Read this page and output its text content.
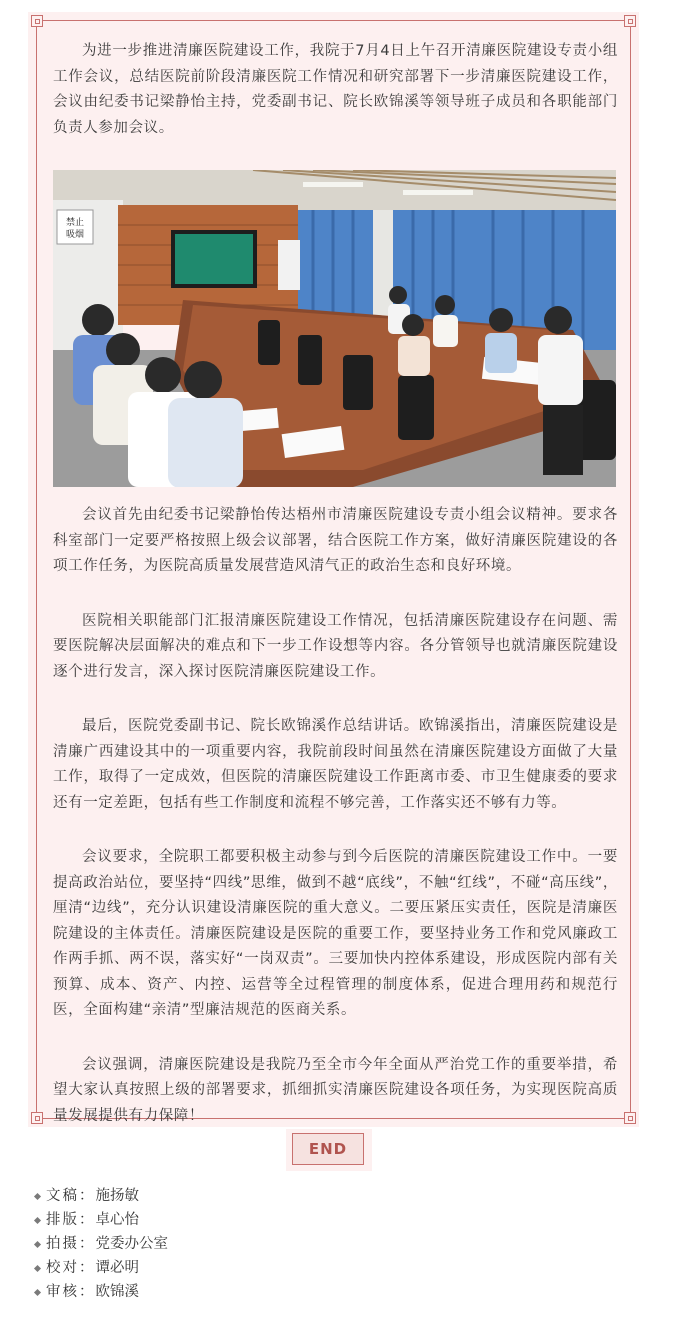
为进一步推进清廉医院建设工作，我院于7月4日上午召开清廉医院建设专责小组工作会议，总结医院前阶段清廉医院工作情况和研究部署下一步清廉医院建设工作，会议由纪委书记梁静怡主持，党委副书记、院长欧锦溪等领导班子成员和各职能部门负责人参加会议。

禁止
吸烟

会议首先由纪委书记梁静怡传达梧州市清廉医院建设专责小组会议精神。要求各科室部门一定要严格按照上级会议部署，结合医院工作方案，做好清廉医院建设的各项工作任务，为医院高质量发展营造风清气正的政治生态和良好环境。

医院相关职能部门汇报清廉医院建设工作情况，包括清廉医院建设存在问题、需要医院解决层面解决的难点和下一步工作设想等内容。各分管领导也就清廉医院建设逐个进行发言，深入探讨医院清廉医院建设工作。

最后，医院党委副书记、院长欧锦溪作总结讲话。欧锦溪指出，清廉医院建设是清廉广西建设其中的一项重要内容，我院前段时间虽然在清廉医院建设方面做了大量工作，取得了一定成效，但医院的清廉医院建设工作距离市委、市卫生健康委的要求还有一定差距，包括有些工作制度和流程不够完善，工作落实还不够有力等。

会议要求，全院职工都要积极主动参与到今后医院的清廉医院建设工作中。一要提高政治站位，要坚持“四线”思维，做到不越“底线”，不触“红线”，不碰“高压线”，厘清“边线”，充分认识建设清廉医院的重大意义。二要压紧压实责任，医院是清廉医院建设的主体责任。清廉医院建设是医院的重要工作，要坚持业务工作和党风廉政工作两手抓、两不误，落实好“一岗双责”。三要加快内控体系建设，形成医院内部有关预算、成本、资产、内控、运营等全过程管理的制度体系，促进合理用药和规范行医，全面构建“亲清”型廉洁规范的医商关系。

会议强调，清廉医院建设是我院乃至全市今年全面从严治党工作的重要举措，希望大家认真按照上级的部署要求，抓细抓实清廉医院建设各项任务，为实现医院高质量发展提供有力保障！

END
文稿： 施扬敏
排版： 卓心怡
拍摄： 党委办公室
校对： 谭必明
审核： 欧锦溪
